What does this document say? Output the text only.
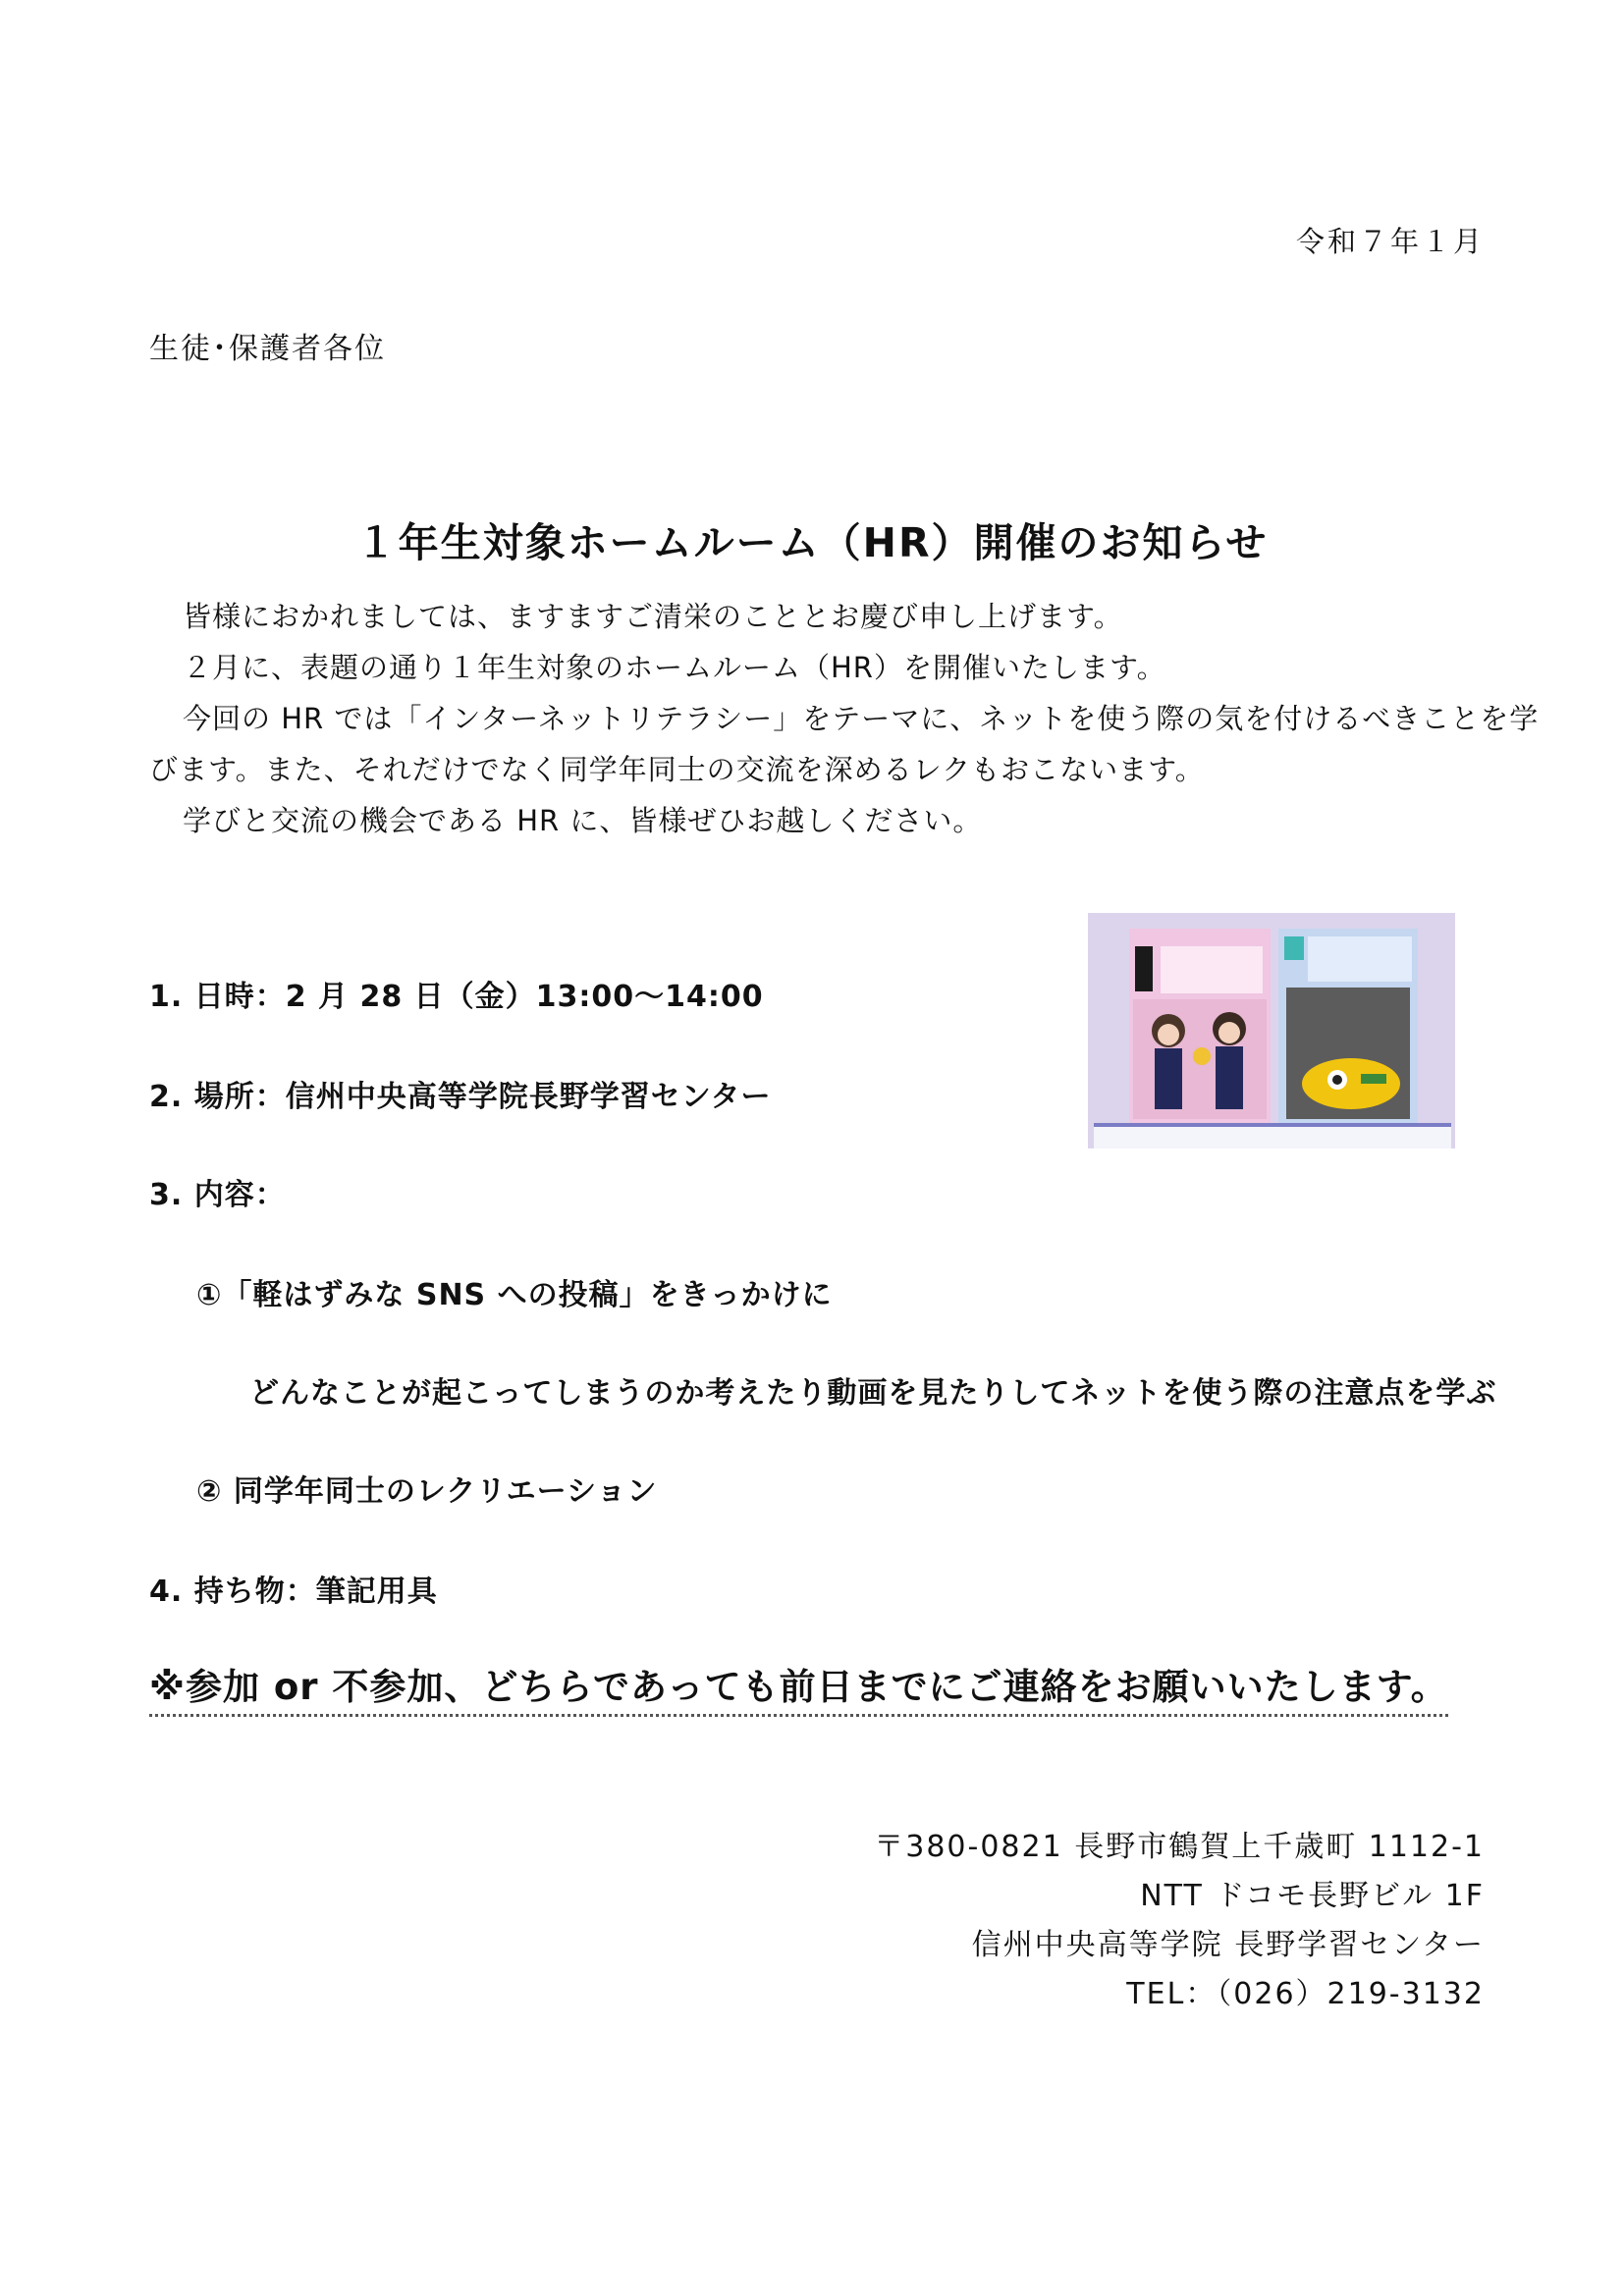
令和７年１月
生徒･保護者各位
１年生対象ホームルーム（HR）開催のお知らせ
皆様におかれましては、ますますご清栄のこととお慶び申し上げます。
２月に、表題の通り１年生対象のホームルーム（HR）を開催いたします。
今回の HR では「インターネットリテラシー」をテーマに、ネットを使う際の気を付けるべきことを学
びます。また、それだけでなく同学年同士の交流を深めるレクもおこないます。
学びと交流の機会である HR に、皆様ぜひお越しください。
1. 日時：2 月 28 日（金）13:00～14:00
2. 場所：信州中央高等学院長野学習センター
3. 内容：
①「軽はずみな SNS への投稿」をきっかけに
どんなことが起こってしまうのか考えたり動画を見たりしてネットを使う際の注意点を学ぶ
② 同学年同士のレクリエーション
4. 持ち物：筆記用具
※参加 or 不参加、どちらであっても前日までにご連絡をお願いいたします。
〒380-0821 長野市鶴賀上千歳町 1112-1
NTT ドコモ長野ビル 1F
信州中央高等学院 長野学習センター
TEL：（026）219-3132
